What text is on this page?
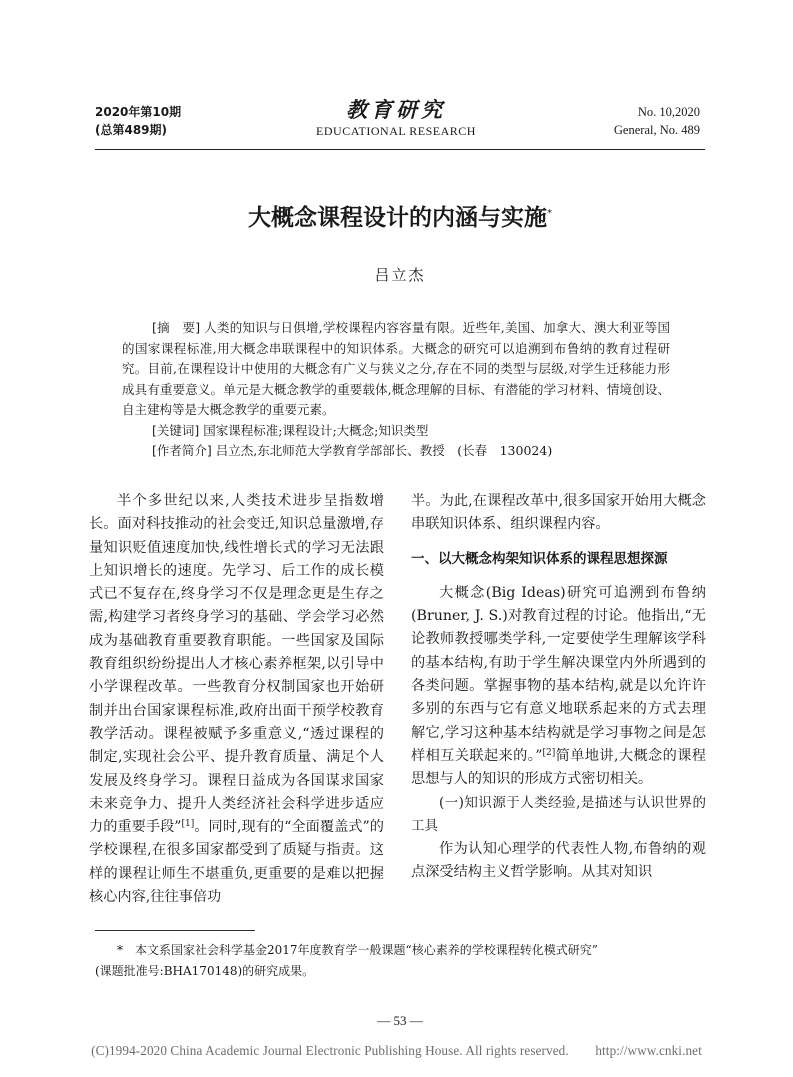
2020年第10期
(总第489期)
教育研究
EDUCATIONAL RESEARCH
No. 10,2020
General, No. 489
大概念课程设计的内涵与实施*
吕立杰

[摘　要] 人类的知识与日俱增,学校课程内容容量有限。近些年,美国、加拿大、澳大利亚等国的国家课程标准,用大概念串联课程中的知识体系。大概念的研究可以追溯到布鲁纳的教育过程研究。目前,在课程设计中使用的大概念有广义与狭义之分,存在不同的类型与层级,对学生迁移能力形成具有重要意义。单元是大概念教学的重要载体,概念理解的目标、有潜能的学习材料、情境创设、自主建构等是大概念教学的重要元素。

[关键词] 国家课程标准;课程设计;大概念;知识类型

[作者简介] 吕立杰,东北师范大学教育学部部长、教授　(长春　130024)

半个多世纪以来,人类技术进步呈指数增长。面对科技推动的社会变迁,知识总量激增,存量知识贬值速度加快,线性增长式的学习无法跟上知识增长的速度。先学习、后工作的成长模式已不复存在,终身学习不仅是理念更是生存之需,构建学习者终身学习的基础、学会学习必然成为基础教育重要教育职能。一些国家及国际教育组织纷纷提出人才核心素养框架,以引导中小学课程改革。一些教育分权制国家也开始研制并出台国家课程标准,政府出面干预学校教育教学活动。课程被赋予多重意义,“透过课程的制定,实现社会公平、提升教育质量、满足个人发展及终身学习。课程日益成为各国谋求国家未来竞争力、提升人类经济社会科学进步适应力的重要手段”[1]。同时,现有的“全面覆盖式”的学校课程,在很多国家都受到了质疑与指责。这样的课程让师生不堪重负,更重要的是难以把握核心内容,往往事倍功

半。为此,在课程改革中,很多国家开始用大概念串联知识体系、组织课程内容。

一、以大概念构架知识体系的课程思想探源

大概念(Big Ideas)研究可追溯到布鲁纳(Bruner, J. S.)对教育过程的讨论。他指出,“无论教师教授哪类学科,一定要使学生理解该学科的基本结构,有助于学生解决课堂内外所遇到的各类问题。掌握事物的基本结构,就是以允许许多别的东西与它有意义地联系起来的方式去理解它,学习这种基本结构就是学习事物之间是怎样相互关联起来的。”[2]简单地讲,大概念的课程思想与人的知识的形成方式密切相关。

(一)知识源于人类经验,是描述与认识世界的工具

作为认知心理学的代表性人物,布鲁纳的观点深受结构主义哲学影响。从其对知识

*　 本文系国家社会科学基金2017年度教育学一般课题“核心素养的学校课程转化模式研究”

(课题批准号:BHA170148)的研究成果。

— 53 —
(C)1994-2020 China Academic Journal Electronic Publishing House. All rights reserved.　　http://www.cnki.net
